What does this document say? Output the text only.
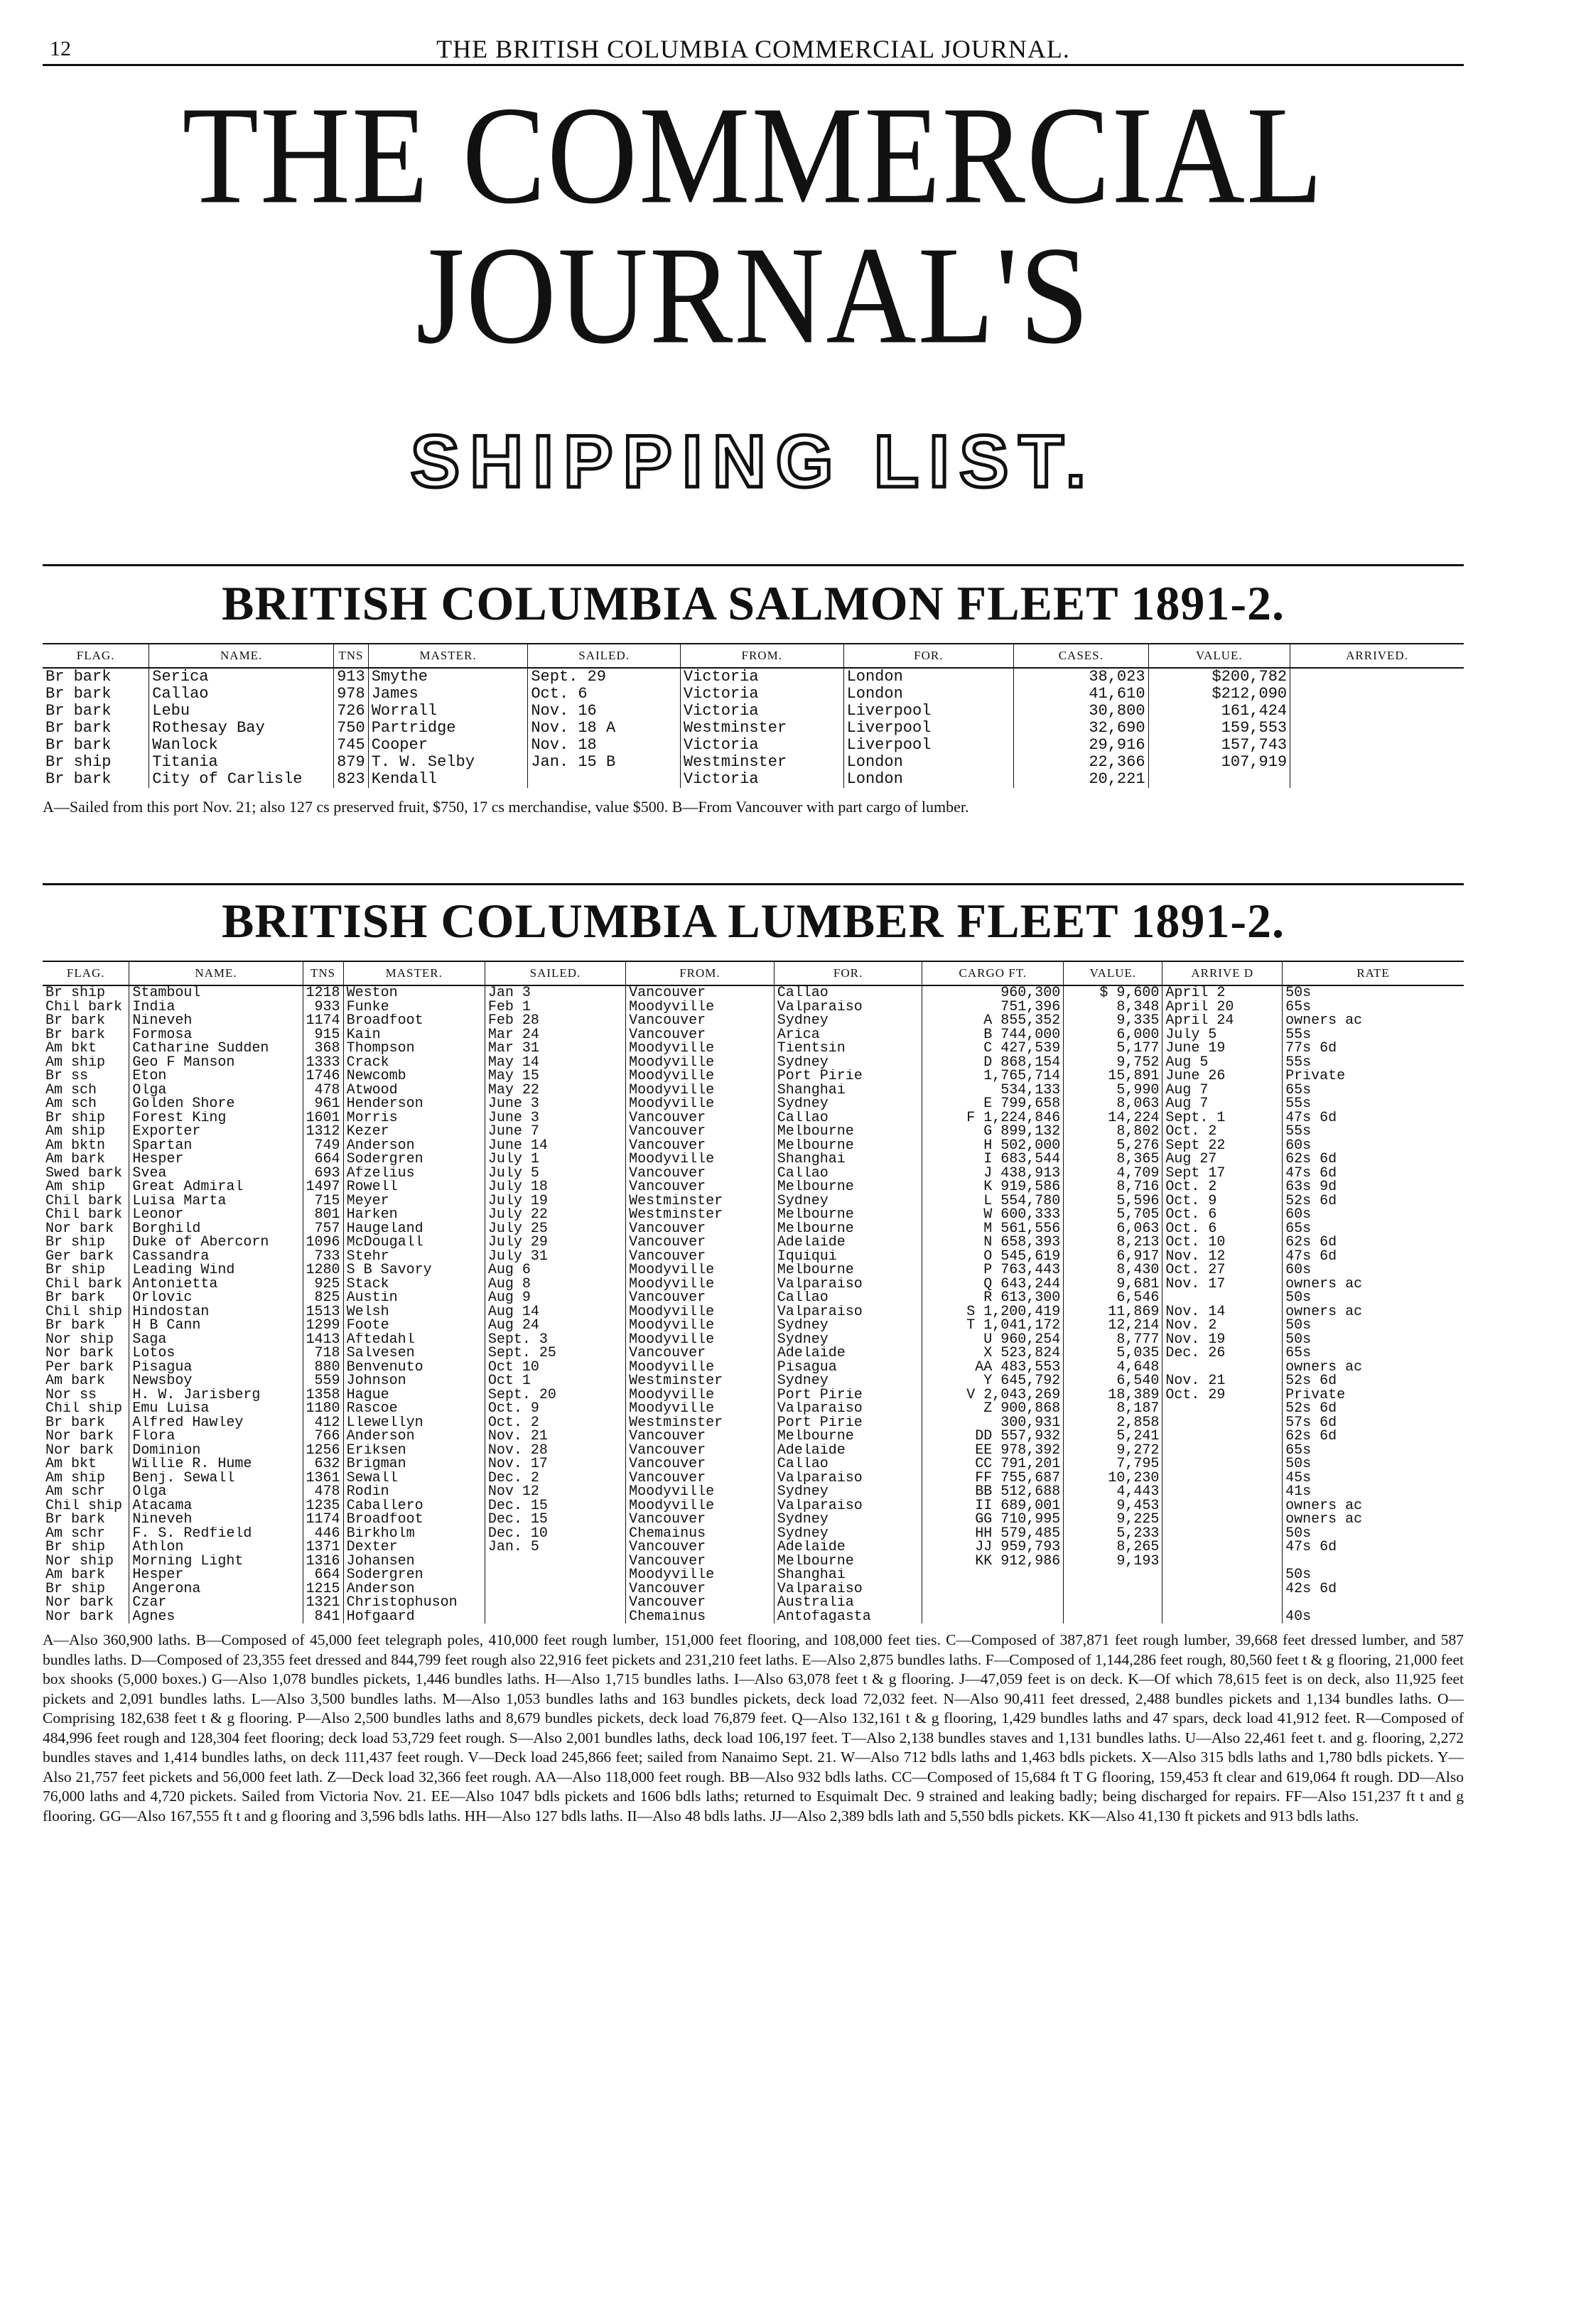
12	THE BRITISH COLUMBIA COMMERCIAL JOURNAL.
THE COMMERCIAL JOURNAL'S
SHIPPING LIST.
BRITISH COLUMBIA SALMON FLEET 1891-2.
FLAG.	NAME.	TNS	MASTER.	SAILED.	FROM.	FOR.	CASES.	VALUE.	ARRIVED.
Br bark	Serica	913	Smythe	Sept. 29	Victoria	London	38,023	$200,782	
Br bark	Callao	978	James	Oct. 6	Victoria	London	41,610	$212,090	
Br bark	Lebu	726	Worrall	Nov. 16	Victoria	Liverpool	30,800	161,424	
Br bark	Rothesay Bay	750	Partridge	Nov. 18 A	Westminster	Liverpool	32,690	159,553	
Br bark	Wanlock	745	Cooper	Nov. 18	Victoria	Liverpool	29,916	157,743	
Br ship	Titania	879	T. W. Selby	Jan. 15 B	Westminster	London	22,366	107,919	
Br bark	City of Carlisle	823	Kendall		Victoria	London	20,221		
A—Sailed from this port Nov. 21; also 127 cs preserved fruit, $750, 17 cs merchandise, value $500. B—From Vancouver with part cargo of lumber.
BRITISH COLUMBIA LUMBER FLEET 1891-2.
FLAG.	NAME.	TNS	MASTER.	SAILED.	FROM.	FOR.	CARGO FT.	VALUE.	ARRIVE D	RATE
Br ship	Stamboul	1218	Weston	Jan 3	Vancouver	Callao	960,300	$ 9,600	April 2	50s
Chil bark	India	933	Funke	Feb 1	Moodyville	Valparaiso	751,396	8,348	April 20	65s
Br bark	Nineveh	1174	Broadfoot	Feb 28	Vancouver	Sydney	A 855,352	9,335	April 24	owners ac
Br bark	Formosa	915	Kain	Mar 24	Vancouver	Arica	B 744,000	6,000	July 5	55s
Am bkt	Catharine Sudden	368	Thompson	Mar 31	Moodyville	Tientsin	C 427,539	5,177	June 19	77s 6d
Am ship	Geo F Manson	1333	Crack	May 14	Moodyville	Sydney	D 868,154	9,752	Aug 5	55s
Br ss	Eton	1746	Newcomb	May 15	Moodyville	Port Pirie	1,765,714	15,891	June 26	Private
Am sch	Olga	478	Atwood	May 22	Moodyville	Shanghai	534,133	5,990	Aug 7	65s
Am sch	Golden Shore	961	Henderson	June 3	Moodyville	Sydney	E 799,658	8,063	Aug 7	55s
Br ship	Forest King	1601	Morris	June 3	Vancouver	Callao	F 1,224,846	14,224	Sept. 1	47s 6d
Am ship	Exporter	1312	Kezer	June 7	Vancouver	Melbourne	G 899,132	8,802	Oct. 2	55s
Am bktn	Spartan	749	Anderson	June 14	Vancouver	Melbourne	H 502,000	5,276	Sept 22	60s
Am bark	Hesper	664	Sodergren	July 1	Moodyville	Shanghai	I 683,544	8,365	Aug 27	62s 6d
Swed bark	Svea	693	Afzelius	July 5	Vancouver	Callao	J 438,913	4,709	Sept 17	47s 6d
Am ship	Great Admiral	1497	Rowell	July 18	Vancouver	Melbourne	K 919,586	8,716	Oct. 2	63s 9d
Chil bark	Luisa Marta	715	Meyer	July 19	Westminster	Sydney	L 554,780	5,596	Oct. 9	52s 6d
Chil bark	Leonor	801	Harken	July 22	Westminster	Melbourne	W 600,333	5,705	Oct. 6	60s
Nor bark	Borghild	757	Haugeland	July 25	Vancouver	Melbourne	M 561,556	6,063	Oct. 6	65s
Br ship	Duke of Abercorn	1096	McDougall	July 29	Vancouver	Adelaide	N 658,393	8,213	Oct. 10	62s 6d
Ger bark	Cassandra	733	Stehr	July 31	Vancouver	Iquiqui	O 545,619	6,917	Nov. 12	47s 6d
Br ship	Leading Wind	1280	S B Savory	Aug 6	Moodyville	Melbourne	P 763,443	8,430	Oct. 27	60s
Chil bark	Antonietta	925	Stack	Aug 8	Moodyville	Valparaiso	Q 643,244	9,681	Nov. 17	owners ac
Br bark	Orlovic	825	Austin	Aug 9	Vancouver	Callao	R 613,300	6,546		50s
Chil ship	Hindostan	1513	Welsh	Aug 14	Moodyville	Valparaiso	S 1,200,419	11,869	Nov. 14	owners ac
Br bark	H B Cann	1299	Foote	Aug 24	Moodyville	Sydney	T 1,041,172	12,214	Nov. 2	50s
Nor ship	Saga	1413	Aftedahl	Sept. 3	Moodyville	Sydney	U 960,254	8,777	Nov. 19	50s
Nor bark	Lotos	718	Salvesen	Sept. 25	Vancouver	Adelaide	X 523,824	5,035	Dec. 26	65s
Per bark	Pisagua	880	Benvenuto	Oct 10	Moodyville	Pisagua	AA 483,553	4,648		owners ac
Am bark	Newsboy	559	Johnson	Oct 1	Westminster	Sydney	Y 645,792	6,540	Nov. 21	52s 6d
Nor ss	H. W. Jarisberg	1358	Hague	Sept. 20	Moodyville	Port Pirie	V 2,043,269	18,389	Oct. 29	Private
Chil ship	Emu Luisa	1180	Rascoe	Oct. 9	Moodyville	Valparaiso	Z 900,868	8,187		52s 6d
Br bark	Alfred Hawley	412	Llewellyn	Oct. 2	Westminster	Port Pirie	300,931	2,858		57s 6d
Nor bark	Flora	766	Anderson	Nov. 21	Vancouver	Melbourne	DD 557,932	5,241		62s 6d
Nor bark	Dominion	1256	Eriksen	Nov. 28	Vancouver	Adelaide	EE 978,392	9,272		65s
Am bkt	Willie R. Hume	632	Brigman	Nov. 17	Vancouver	Callao	CC 791,201	7,795		50s
Am ship	Benj. Sewall	1361	Sewall	Dec. 2	Vancouver	Valparaiso	FF 755,687	10,230		45s
Am schr	Olga	478	Rodin	Nov 12	Moodyville	Sydney	BB 512,688	4,443		41s
Chil ship	Atacama	1235	Caballero	Dec. 15	Moodyville	Valparaiso	II 689,001	9,453		owners ac
Br bark	Nineveh	1174	Broadfoot	Dec. 15	Vancouver	Sydney	GG 710,995	9,225		owners ac
Am schr	F. S. Redfield	446	Birkholm	Dec. 10	Chemainus	Sydney	HH 579,485	5,233		50s
Br ship	Athlon	1371	Dexter	Jan. 5	Vancouver	Adelaide	JJ 959,793	8,265		47s 6d
Nor ship	Morning Light	1316	Johansen		Vancouver	Melbourne	KK 912,986	9,193		
Am bark	Hesper	664	Sodergren		Moodyville	Shanghai				50s
Br ship	Angerona	1215	Anderson		Vancouver	Valparaiso				42s 6d
Nor bark	Czar	1321	Christophuson		Vancouver	Australia				
Nor bark	Agnes	841	Hofgaard		Chemainus	Antofagasta				40s
A—Also 360,900 laths. B—Composed of 45,000 feet telegraph poles, 410,000 feet rough lumber, 151,000 feet flooring, and 108,000 feet ties. C—Composed of 387,871 feet rough lumber, 39,668 feet dressed lumber, and 587 bundles laths. D—Composed of 23,355 feet dressed and 844,799 feet rough also 22,916 feet pickets and 231,210 feet laths. E—Also 2,875 bundles laths. F—Composed of 1,144,286 feet rough, 80,560 feet t & g flooring, 21,000 feet box shooks (5,000 boxes.) G—Also 1,078 bundles pickets, 1,446 bundles laths. H—Also 1,715 bundles laths. I—Also 63,078 feet t & g flooring. J—47,059 feet is on deck. K—Of which 78,615 feet is on deck, also 11,925 feet pickets and 2,091 bundles laths. L—Also 3,500 bundles laths. M—Also 1,053 bundles laths and 163 bundles pickets, deck load 72,032 feet. N—Also 90,411 feet dressed, 2,488 bundles pickets and 1,134 bundles laths. O—Comprising 182,638 feet t & g flooring. P—Also 2,500 bundles laths and 8,679 bundles pickets, deck load 76,879 feet. Q—Also 132,161 t & g flooring, 1,429 bundles laths and 47 spars, deck load 41,912 feet. R—Composed of 484,996 feet rough and 128,304 feet flooring; deck load 53,729 feet rough. S—Also 2,001 bundles laths, deck load 106,197 feet. T—Also 2,138 bundles staves and 1,131 bundles laths. U—Also 22,461 feet t. and g. flooring, 2,272 bundles staves and 1,414 bundles laths, on deck 111,437 feet rough. V—Deck load 245,866 feet; sailed from Nanaimo Sept. 21. W—Also 712 bdls laths and 1,463 bdls pickets. X—Also 315 bdls laths and 1,780 bdls pickets. Y—Also 21,757 feet pickets and 56,000 feet lath. Z—Deck load 32,366 feet rough. AA—Also 118,000 feet rough. BB—Also 932 bdls laths. CC—Composed of 15,684 ft T G flooring, 159,453 ft clear and 619,064 ft rough. DD—Also 76,000 laths and 4,720 pickets. Sailed from Victoria Nov. 21. EE—Also 1047 bdls pickets and 1606 bdls laths; returned to Esquimalt Dec. 9 strained and leaking badly; being discharged for repairs. FF—Also 151,237 ft t and g flooring. GG—Also 167,555 ft t and g flooring and 3,596 bdls laths. HH—Also 127 bdls laths. II—Also 48 bdls laths. JJ—Also 2,389 bdls lath and 5,550 bdls pickets. KK—Also 41,130 ft pickets and 913 bdls laths.
